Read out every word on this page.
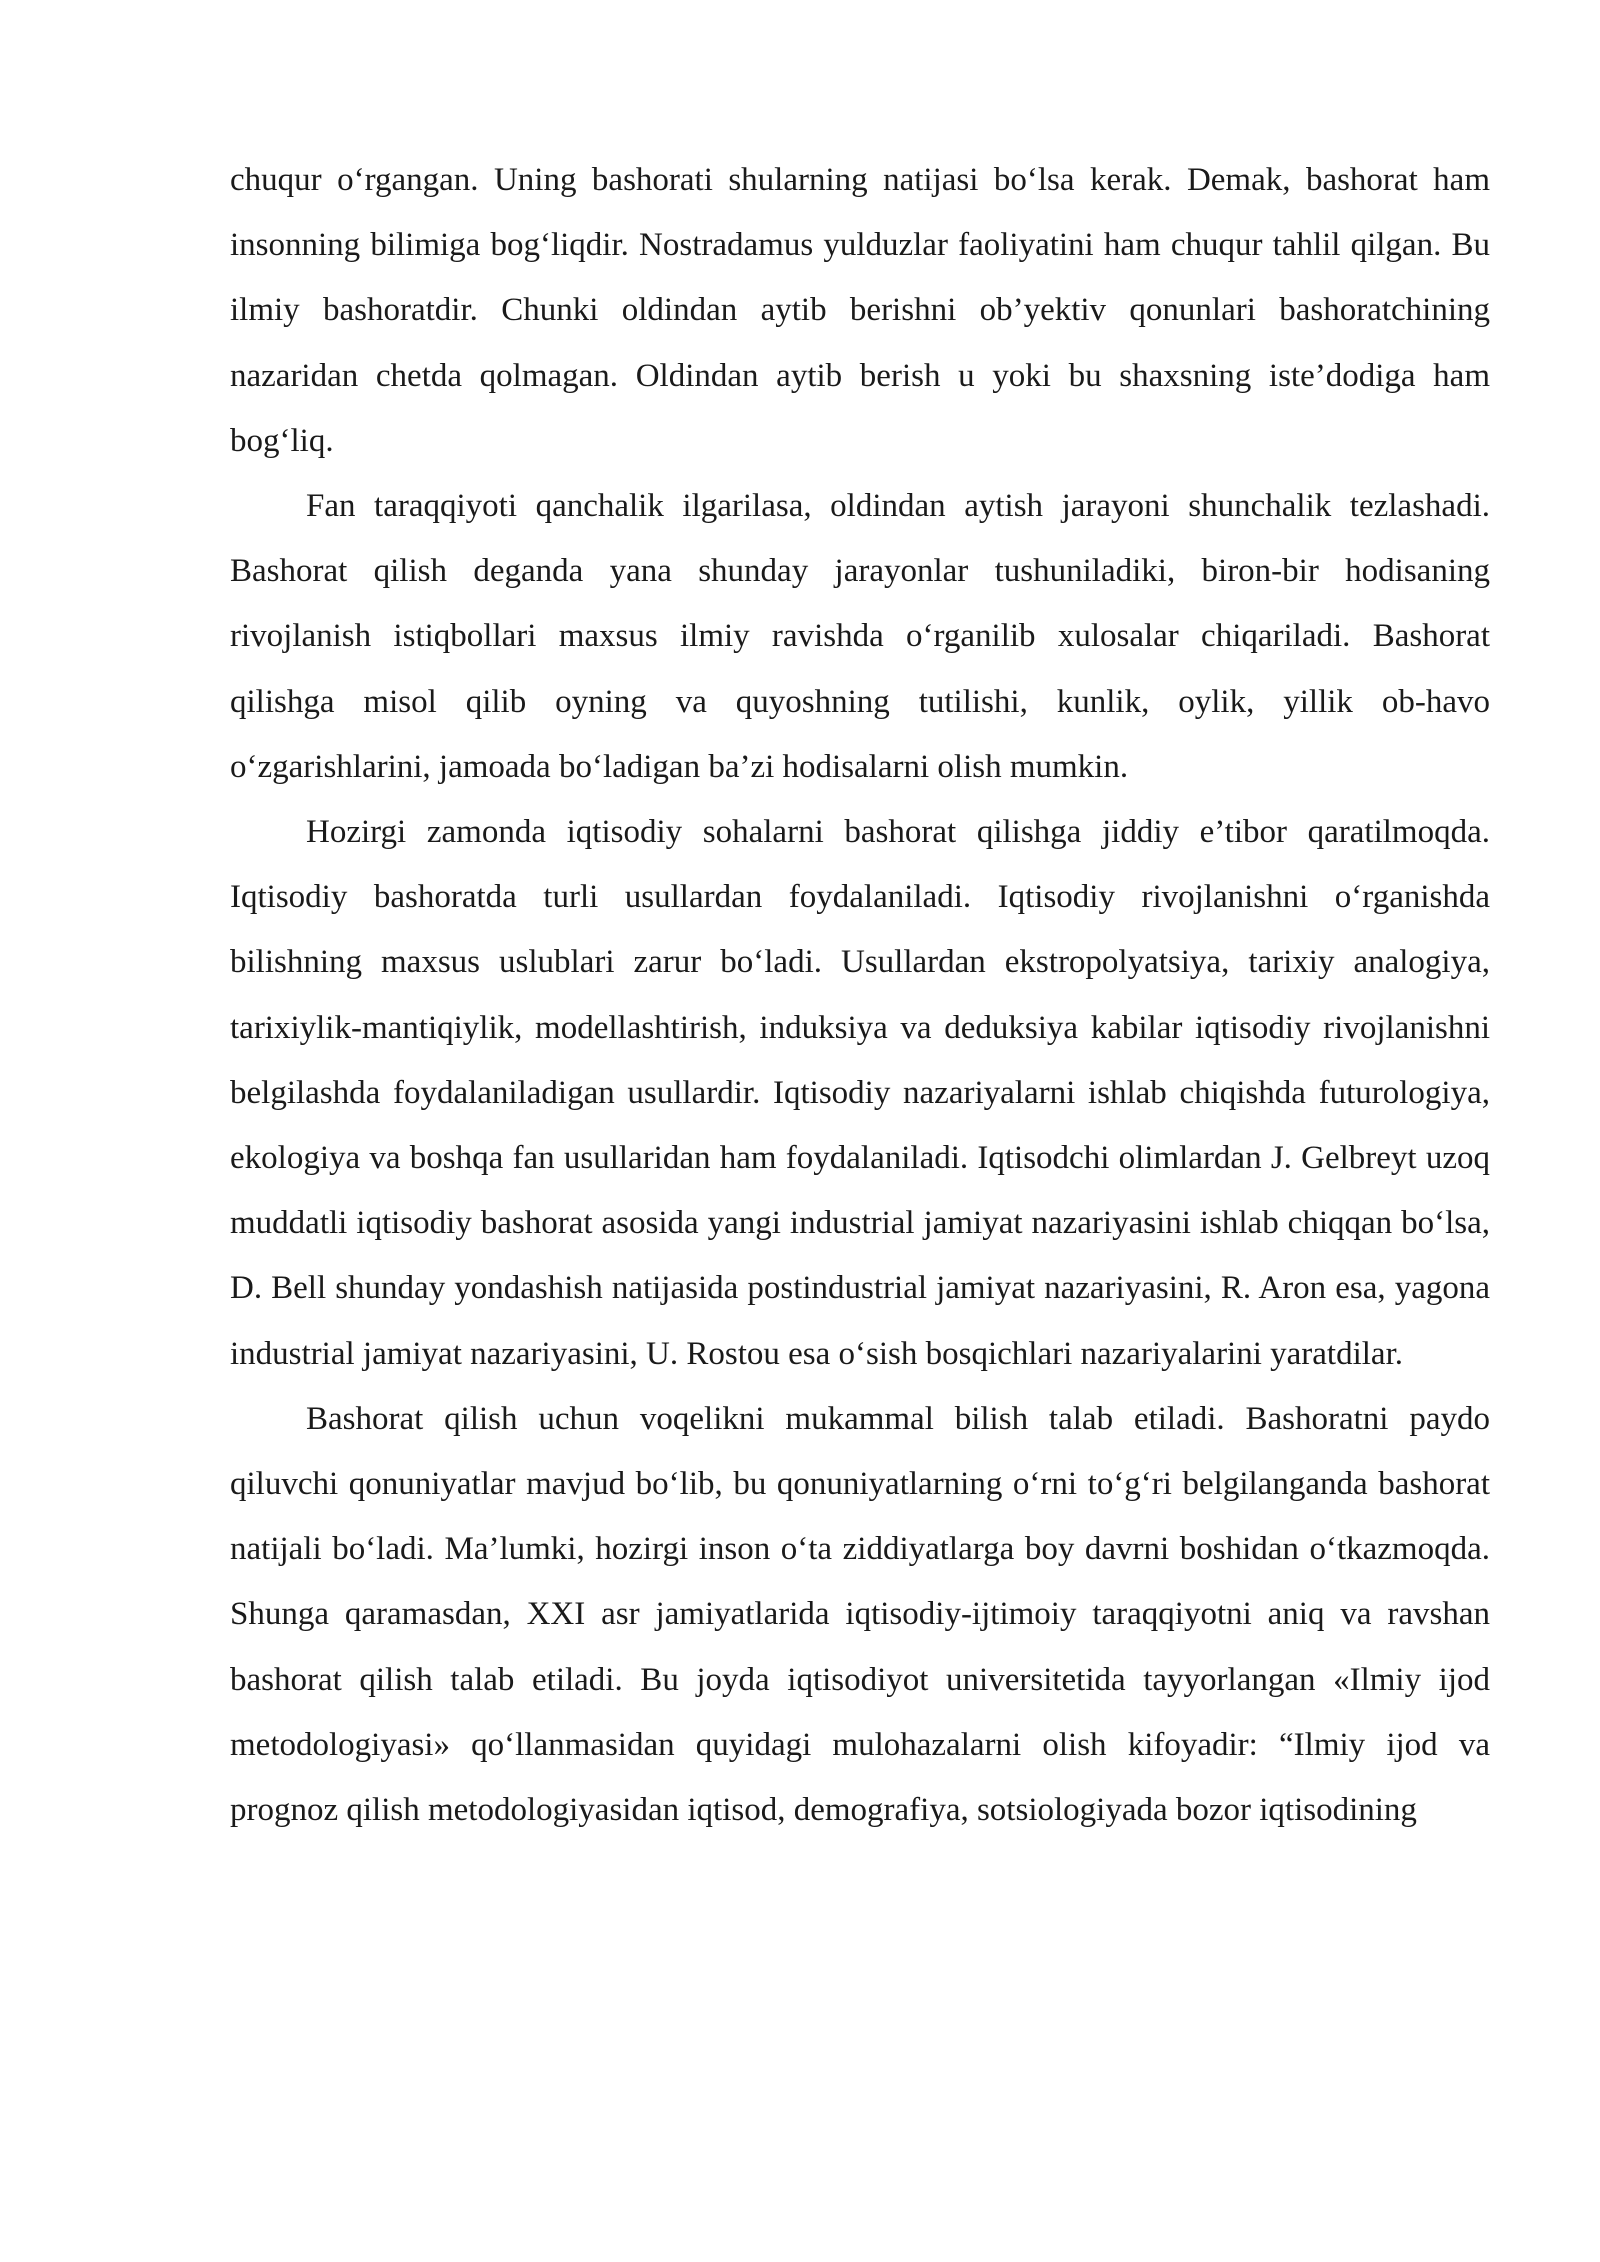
chuqur o‘rgangan. Uning bashorati shularning natijasi bo‘lsa kerak. Demak, bashorat ham insonning bilimiga bog‘liqdir. Nostradamus yulduzlar faoliyatini ham chuqur tahlil qilgan. Bu ilmiy bashoratdir. Chunki oldindan aytib berishni ob’yektiv qonunlari bashoratchining nazaridan chetda qolmagan. Oldindan aytib berish u yoki bu shaxsning iste’dodiga ham bog‘liq.

Fan taraqqiyoti qanchalik ilgarilasa, oldindan aytish jarayoni shunchalik tezlashadi. Bashorat qilish deganda yana shunday jarayonlar tushuniladiki, biron-bir hodisaning rivojlanish istiqbollari maxsus ilmiy ravishda o‘rganilib xulosalar chiqariladi. Bashorat qilishga misol qilib oyning va quyoshning tutilishi, kunlik, oylik, yillik ob-havo o‘zgarishlarini, jamoada bo‘ladigan ba’zi hodisalarni olish mumkin.

Hozirgi zamonda iqtisodiy sohalarni bashorat qilishga jiddiy e’tibor qaratilmoqda. Iqtisodiy bashoratda turli usullardan foydalaniladi. Iqtisodiy rivojlanishni o‘rganishda bilishning maxsus uslublari zarur bo‘ladi. Usullardan ekstropolyatsiya, tarixiy analogiya, tarixiylik-mantiqiylik, modellashtirish, induksiya va deduksiya kabilar iqtisodiy rivojlanishni belgilashda foydalaniladigan usullardir. Iqtisodiy nazariyalarni ishlab chiqishda futurologiya, ekologiya va boshqa fan usullaridan ham foydalaniladi. Iqtisodchi olimlardan J. Gelbreyt uzoq muddatli iqtisodiy bashorat asosida yangi industrial jamiyat nazariyasini ishlab chiqqan bo‘lsa, D. Bell shunday yondashish natijasida postindustrial jamiyat nazariyasini, R. Aron esa, yagona industrial jamiyat nazariyasini, U. Rostou esa o‘sish bosqichlari nazariyalarini yaratdilar.

Bashorat qilish uchun voqelikni mukammal bilish talab etiladi. Bashoratni paydo qiluvchi qonuniyatlar mavjud bo‘lib, bu qonuniyatlarning o‘rni to‘g‘ri belgilanganda bashorat natijali bo‘ladi. Ma’lumki, hozirgi inson o‘ta ziddiyatlarga boy davrni boshidan o‘tkazmoqda. Shunga qaramasdan, XXI asr jamiyatlarida iqtisodiy-ijtimoiy taraqqiyotni aniq va ravshan bashorat qilish talab etiladi. Bu joyda iqtisodiyot universitetida tayyorlangan «Ilmiy ijod metodologiyasi» qo‘llanmasidan quyidagi mulohazalarni olish kifoyadir: “Ilmiy ijod va prognoz qilish metodologiyasidan iqtisod, demografiya, sotsiologiyada bozor iqtisodining
